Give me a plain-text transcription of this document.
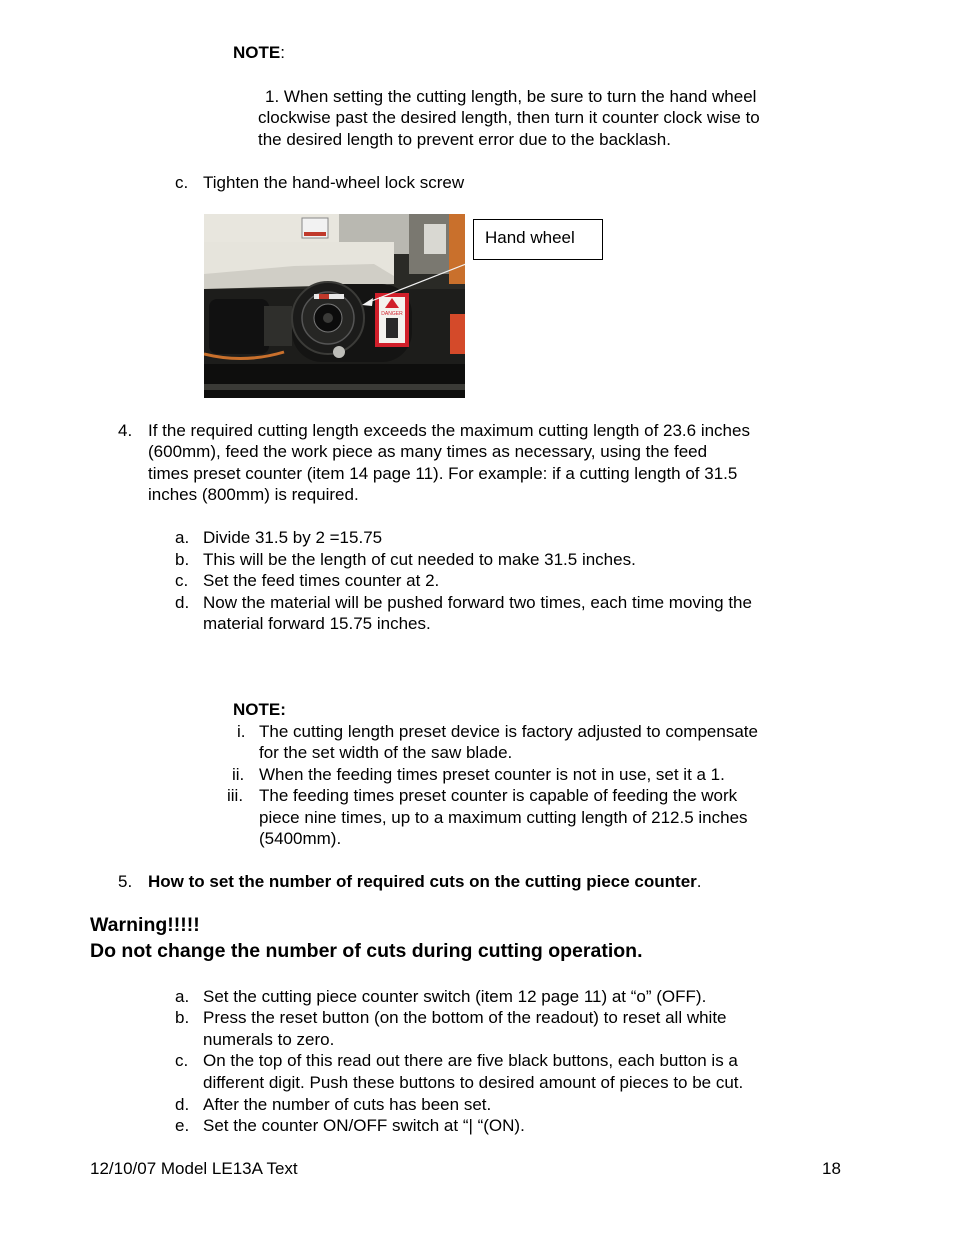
NOTE:

1. When setting the cutting length, be sure to turn the hand wheel

clockwise past the desired length, then turn it counter clock wise to

the desired length to prevent error due to the backlash.

c. Tighten the hand-wheel lock screw

DANGER
Hand wheel

4. If the required cutting length exceeds the maximum cutting length of 23.6 inches

(600mm), feed the work piece as many times as necessary, using the feed

times preset counter (item 14 page 11). For example: if a cutting length of 31.5

inches (800mm) is required.

a. Divide 31.5 by 2 =15.75

b. This will be the length of cut needed to make 31.5 inches.

c. Set the feed times counter at 2.

d. Now the material will be pushed forward two times, each time moving the

material forward 15.75 inches.

NOTE:

i. The cutting length preset device is factory adjusted to compensate

for the set width of the saw blade.

ii. When the feeding times preset counter is not in use, set it a 1.

iii. The feeding times preset counter is capable of feeding the work

piece nine times, up to a maximum cutting length of 212.5 inches

(5400mm).

5. How to set the number of required cuts on the cutting piece counter.

Warning!!!!!

Do not change the number of cuts during cutting operation.

a. Set the cutting piece counter switch (item 12 page 11) at “o” (OFF).

b. Press the reset button (on the bottom of the readout) to reset all white

numerals to zero.

c. On the top of this read out there are five black buttons, each button is a

different digit. Push these buttons to desired amount of pieces to be cut.

d. After the number of cuts has been set.

e. Set the counter ON/OFF switch at “| “(ON).

12/10/07 Model LE13A Text	18
